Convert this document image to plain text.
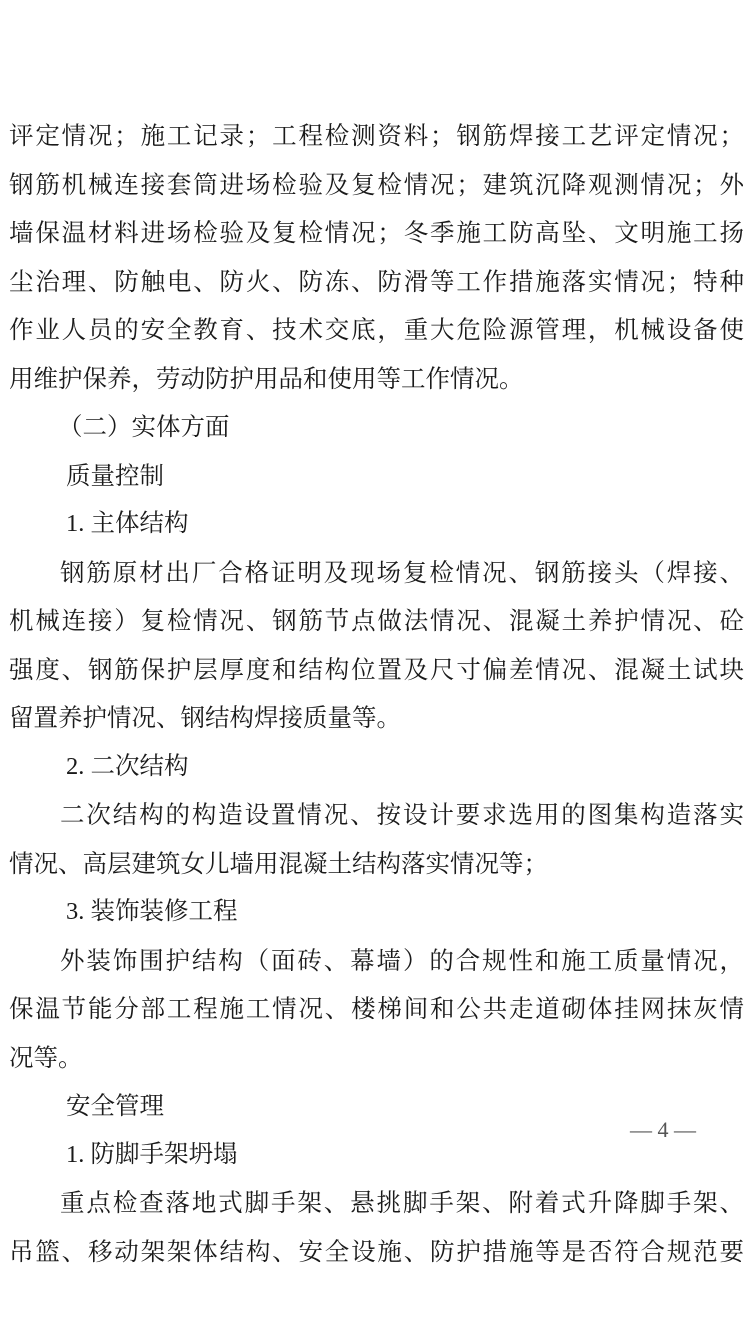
评定情况；施工记录；工程检测资料；钢筋焊接工艺评定情况；
钢筋机械连接套筒进场检验及复检情况；建筑沉降观测情况；外
墙保温材料进场检验及复检情况；冬季施工防高坠、文明施工扬
尘治理、防触电、防火、防冻、防滑等工作措施落实情况；特种
作业人员的安全教育、技术交底，重大危险源管理，机械设备使
用维护保养，劳动防护用品和使用等工作情况。
（二）实体方面
质量控制
1. 主体结构
钢筋原材出厂合格证明及现场复检情况、钢筋接头（焊接、
机械连接）复检情况、钢筋节点做法情况、混凝土养护情况、砼
强度、钢筋保护层厚度和结构位置及尺寸偏差情况、混凝土试块
留置养护情况、钢结构焊接质量等。
2. 二次结构
二次结构的构造设置情况、按设计要求选用的图集构造落实
情况、高层建筑女儿墙用混凝土结构落实情况等；
3. 装饰装修工程
外装饰围护结构（面砖、幕墙）的合规性和施工质量情况，
保温节能分部工程施工情况、楼梯间和公共走道砌体挂网抹灰情
况等。
安全管理
1. 防脚手架坍塌
重点检查落地式脚手架、悬挑脚手架、附着式升降脚手架、
吊篮、移动架架体结构、安全设施、防护措施等是否符合规范要
— 4 —
